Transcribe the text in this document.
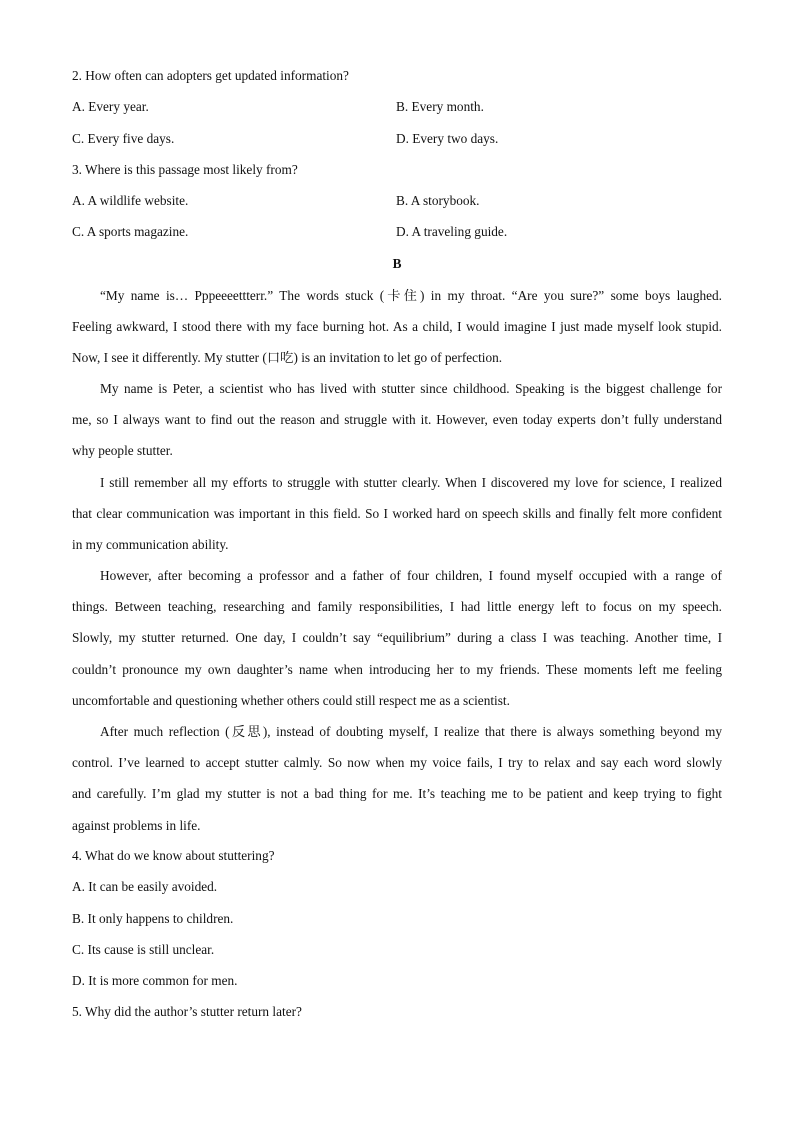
2. How often can adopters get updated information?
A. Every year.	B. Every month.
C. Every five days.	D. Every two days.
3. Where is this passage most likely from?
A. A wildlife website.	B. A storybook.
C. A sports magazine.	D. A traveling guide.
B
“My name is… Pppeeeettterr.” The words stuck (卡住) in my throat. “Are you sure?” some boys laughed.
Feeling awkward, I stood there with my face burning hot. As a child, I would imagine I just made myself look stupid.
Now, I see it differently. My stutter (口吃) is an invitation to let go of perfection.
My name is Peter, a scientist who has lived with stutter since childhood. Speaking is the biggest challenge for
me, so I always want to find out the reason and struggle with it. However, even today experts don’t fully understand
why people stutter.
I still remember all my efforts to struggle with stutter clearly. When I discovered my love for science, I realized
that clear communication was important in this field. So I worked hard on speech skills and finally felt more confident
in my communication ability.
However, after becoming a professor and a father of four children, I found myself occupied with a range of
things. Between teaching, researching and family responsibilities, I had little energy left to focus on my speech.
Slowly, my stutter returned. One day, I couldn’t say “equilibrium” during a class I was teaching. Another time, I
couldn’t pronounce my own daughter’s name when introducing her to my friends. These moments left me feeling
uncomfortable and questioning whether others could still respect me as a scientist.
After much reflection (反思), instead of doubting myself, I realize that there is always something beyond my
control. I’ve learned to accept stutter calmly. So now when my voice fails, I try to relax and say each word slowly
and carefully. I’m glad my stutter is not a bad thing for me. It’s teaching me to be patient and keep trying to fight
against problems in life.
4. What do we know about stuttering?
A. It can be easily avoided.
B. It only happens to children.
C. Its cause is still unclear.
D. It is more common for men.
5. Why did the author’s stutter return later?
